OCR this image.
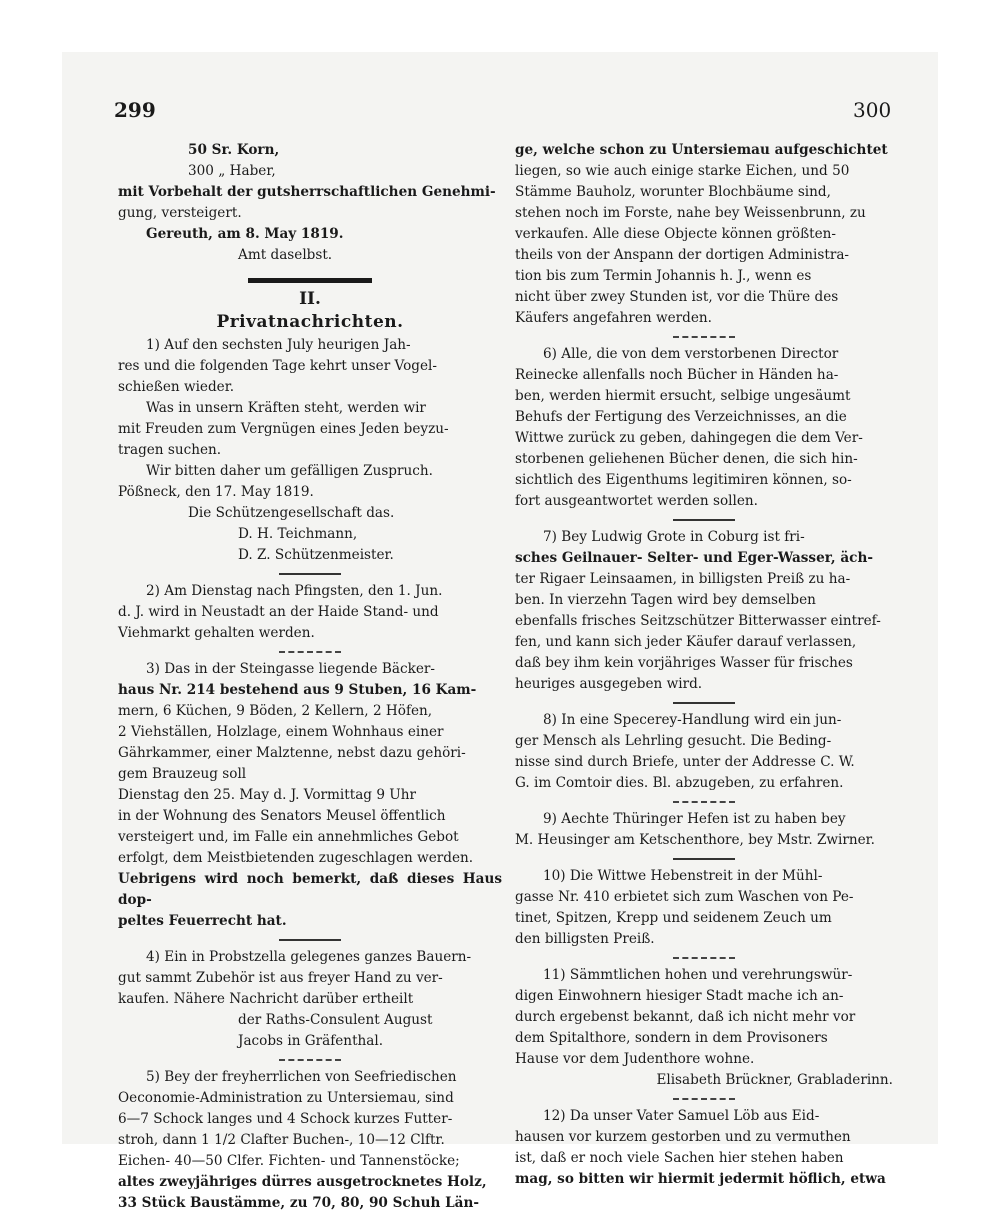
299	300

50 Sr. Korn,

300 „ Haber,

mit Vorbehalt der gutsherrschaftlichen Genehmi-

gung, versteigert.

Gereuth, am 8. May 1819.

Amt daselbst.

II.

Privatnachrichten.

1) Auf den sechsten July heurigen Jah-

res und die folgenden Tage kehrt unser Vogel-

schießen wieder.

Was in unsern Kräften steht, werden wir

mit Freuden zum Vergnügen eines Jeden beyzu-

tragen suchen.

Wir bitten daher um gefälligen Zuspruch.

Pößneck, den 17. May 1819.

Die Schützengesellschaft das.

D. H. Teichmann,

D. Z. Schützenmeister.

2) Am Dienstag nach Pfingsten, den 1. Jun.

d. J. wird in Neustadt an der Haide Stand- und

Viehmarkt gehalten werden.

3) Das in der Steingasse liegende Bäcker-

haus Nr. 214 bestehend aus 9 Stuben, 16 Kam-

mern, 6 Küchen, 9 Böden, 2 Kellern, 2 Höfen,

2 Viehställen, Holzlage, einem Wohnhaus einer

Gährkammer, einer Malztenne, nebst dazu gehöri-

gem Brauzeug soll

Dienstag den 25. May d. J. Vormittag 9 Uhr

in der Wohnung des Senators Meusel öffentlich

versteigert und, im Falle ein annehmliches Gebot

erfolgt, dem Meistbietenden zugeschlagen werden.

Uebrigens wird noch bemerkt, daß dieses Haus dop-

peltes Feuerrecht hat.

4) Ein in Probstzella gelegenes ganzes Bauern-

gut sammt Zubehör ist aus freyer Hand zu ver-

kaufen. Nähere Nachricht darüber ertheilt

der Raths-Consulent August

Jacobs in Gräfenthal.

5) Bey der freyherrlichen von Seefriedischen

Oeconomie-Administration zu Untersiemau, sind

6—7 Schock langes und 4 Schock kurzes Futter-

stroh, dann 1 1/2 Clafter Buchen-, 10—12 Clftr.

Eichen- 40—50 Clfer. Fichten- und Tannenstöcke;

altes zweyjähriges dürres ausgetrocknetes Holz,

33 Stück Baustämme, zu 70, 80, 90 Schuh Län-

ge, welche schon zu Untersiemau aufgeschichtet

liegen, so wie auch einige starke Eichen, und 50

Stämme Bauholz, worunter Blochbäume sind,

stehen noch im Forste, nahe bey Weissenbrunn, zu

verkaufen. Alle diese Objecte können größten-

theils von der Anspann der dortigen Administra-

tion bis zum Termin Johannis h. J., wenn es

nicht über zwey Stunden ist, vor die Thüre des

Käufers angefahren werden.

6) Alle, die von dem verstorbenen Director

Reinecke allenfalls noch Bücher in Händen ha-

ben, werden hiermit ersucht, selbige ungesäumt

Behufs der Fertigung des Verzeichnisses, an die

Wittwe zurück zu geben, dahingegen die dem Ver-

storbenen geliehenen Bücher denen, die sich hin-

sichtlich des Eigenthums legitimiren können, so-

fort ausgeantwortet werden sollen.

7) Bey Ludwig Grote in Coburg ist fri-

sches Geilnauer- Selter- und Eger-Wasser, äch-

ter Rigaer Leinsaamen, in billigsten Preiß zu ha-

ben. In vierzehn Tagen wird bey demselben

ebenfalls frisches Seitzschützer Bitterwasser eintref-

fen, und kann sich jeder Käufer darauf verlassen,

daß bey ihm kein vorjähriges Wasser für frisches

heuriges ausgegeben wird.

8) In eine Specerey-Handlung wird ein jun-

ger Mensch als Lehrling gesucht. Die Beding-

nisse sind durch Briefe, unter der Addresse C. W.

G. im Comtoir dies. Bl. abzugeben, zu erfahren.

9) Aechte Thüringer Hefen ist zu haben bey

M. Heusinger am Ketschenthore, bey Mstr. Zwirner.

10) Die Wittwe Hebenstreit in der Mühl-

gasse Nr. 410 erbietet sich zum Waschen von Pe-

tinet, Spitzen, Krepp und seidenem Zeuch um

den billigsten Preiß.

11) Sämmtlichen hohen und verehrungswür-

digen Einwohnern hiesiger Stadt mache ich an-

durch ergebenst bekannt, daß ich nicht mehr vor

dem Spitalthore, sondern in dem Provisoners

Hause vor dem Judenthore wohne.

Elisabeth Brückner, Grabladerinn.

12) Da unser Vater Samuel Löb aus Eid-

hausen vor kurzem gestorben und zu vermuthen

ist, daß er noch viele Sachen hier stehen haben

mag, so bitten wir hiermit jedermit höflich, etwa
